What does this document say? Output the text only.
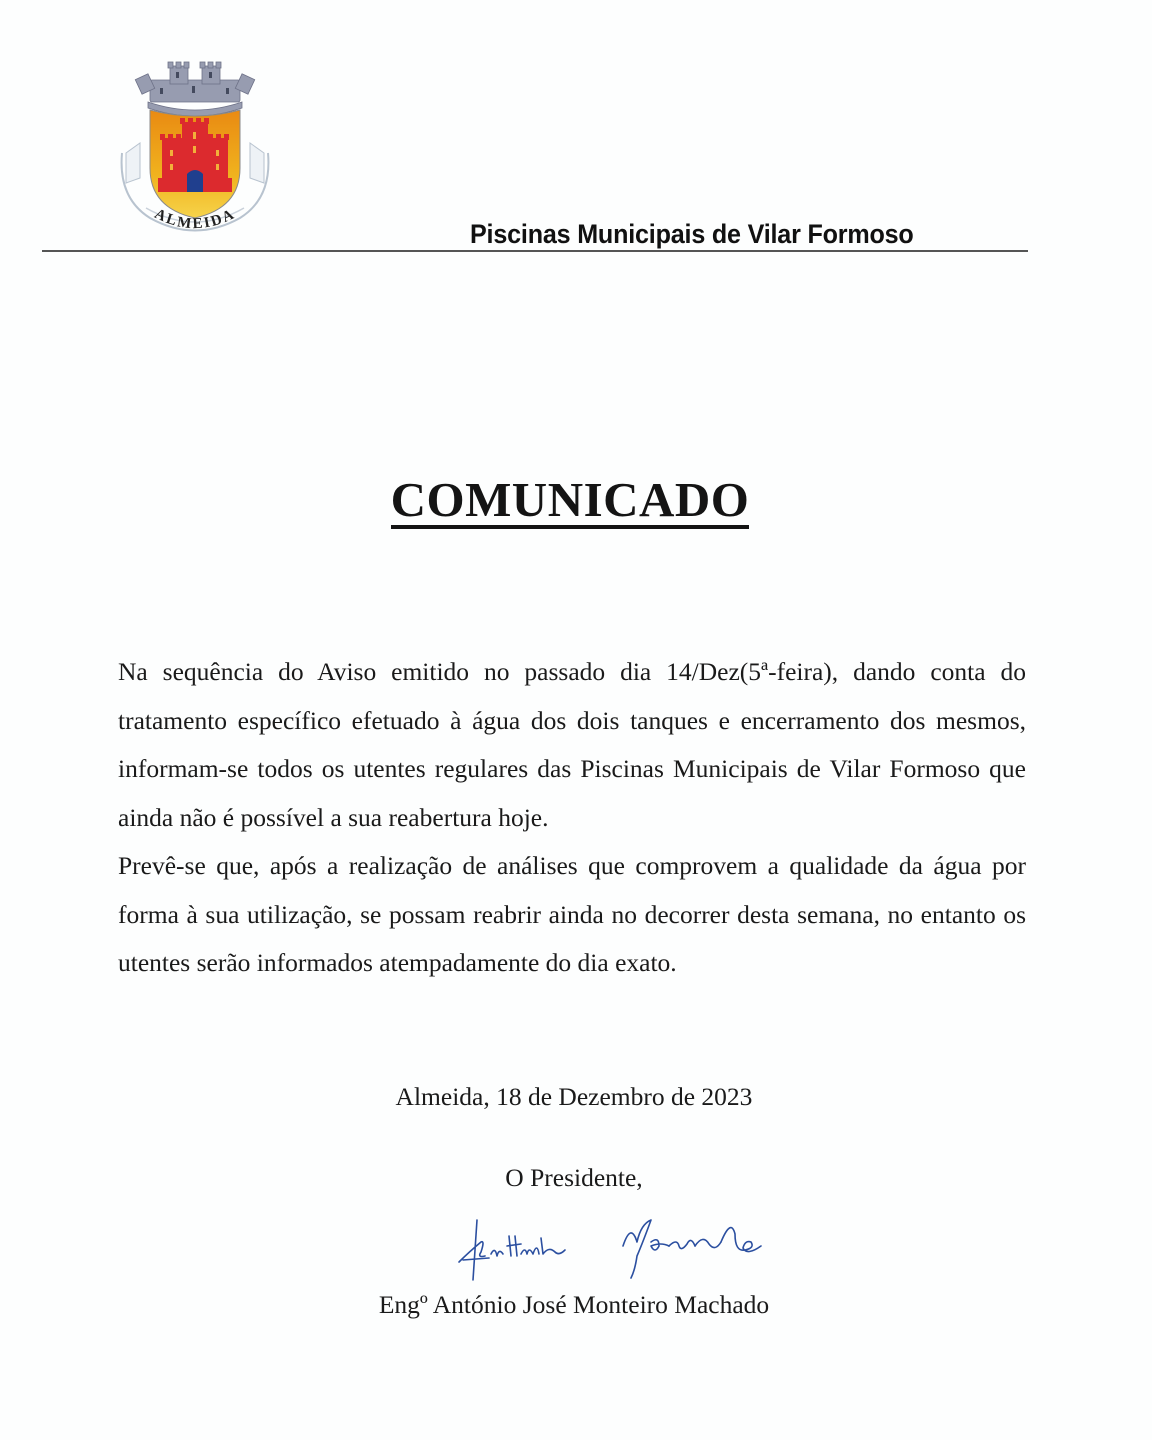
ALMEIDA
Piscinas Municipais de Vilar Formoso
COMUNICADO

Na sequência do Aviso emitido no passado dia 14/Dez(5ª-feira), dando conta do tratamento específico efetuado à água dos dois tanques e encerramento dos mesmos, informam-se todos os utentes regulares das Piscinas Municipais de Vilar Formoso que ainda não é possível a sua reabertura hoje.

Prevê-se que, após a realização de análises que comprovem a qualidade da água por forma à sua utilização, se possam reabrir ainda no decorrer desta semana, no entanto os utentes serão informados atempadamente do dia exato.

Almeida, 18 de Dezembro de 2023
O Presidente,
Engº António José Monteiro Machado
